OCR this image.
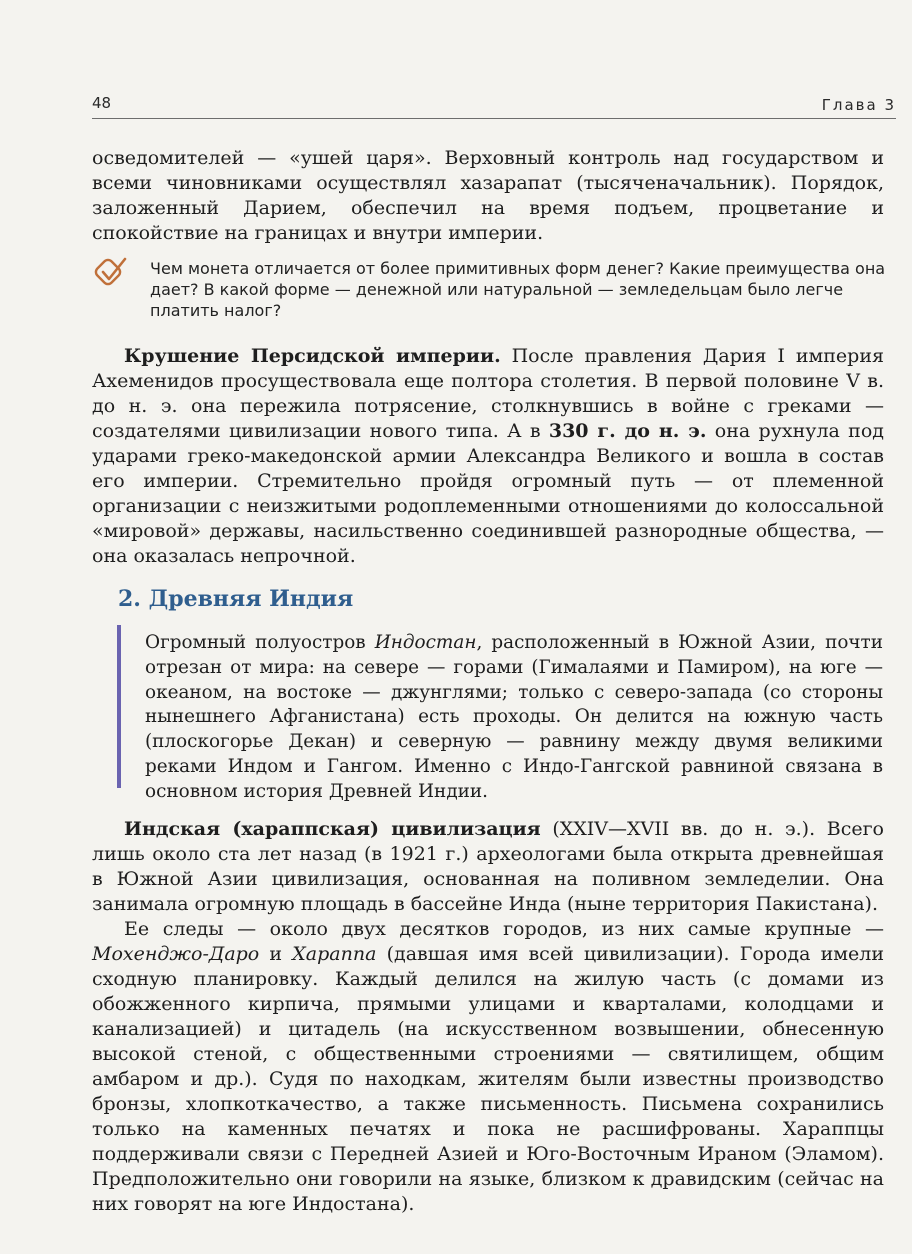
48	Глава 3

осведомителей — «ушей царя». Верховный контроль над государством и всеми чиновниками осуществлял хазарапат (тысяченачальник). Порядок, заложенный Дарием, обеспечил на время подъем, процветание и спокойствие на границах и внутри империи.

Чем монета отличается от более примитивных форм денег? Какие преимущества она дает? В какой форме — денежной или натуральной — земледельцам было легче платить налог?

Крушение Персидской империи. После правления Дария I империя Ахеменидов просуществовала еще полтора столетия. В первой половине V в. до н. э. она пережила потрясение, столкнувшись в войне с греками — создателями цивилизации нового типа. А в 330 г. до н. э. она рухнула под ударами греко-македонской армии Александра Великого и вошла в состав его империи. Стремительно пройдя огромный путь — от племенной организации с неизжитыми родоплеменными отношениями до колоссальной «мировой» державы, насильственно соединившей разнородные общества, — она оказалась непрочной.

2. Древняя Индия
Огромный полуостров Индостан, расположенный в Южной Азии, почти отрезан от мира: на севере — горами (Гималаями и Памиром), на юге — океаном, на востоке — джунглями; только с северо-запада (со стороны нынешнего Афганистана) есть проходы. Он делится на южную часть (плоскогорье Декан) и северную — равнину между двумя великими реками Индом и Гангом. Именно с Индо-Гангской равниной связана в основном история Древней Индии.

Индская (хараппская) цивилизация (XXIV—XVII вв. до н. э.). Всего лишь около ста лет назад (в 1921 г.) археологами была открыта древнейшая в Южной Азии цивилизация, основанная на поливном земледелии. Она занимала огромную площадь в бассейне Инда (ныне территория Пакистана).

Ее следы — около двух десятков городов, из них самые крупные — Мохенджо-Даро и Хараппа (давшая имя всей цивилизации). Города имели сходную планировку. Каждый делился на жилую часть (с домами из обожженного кирпича, прямыми улицами и кварталами, колодцами и канализацией) и цитадель (на искусственном возвышении, обнесенную высокой стеной, с общественными строениями — святилищем, общим амбаром и др.). Судя по находкам, жителям были известны производство бронзы, хлопкоткачество, а также письменность. Письмена сохранились только на каменных печатях и пока не расшифрованы. Хараппцы поддерживали связи с Передней Азией и Юго-Восточным Ираном (Эламом). Предположительно они говорили на языке, близком к дравидским (сейчас на них говорят на юге Индостана).
